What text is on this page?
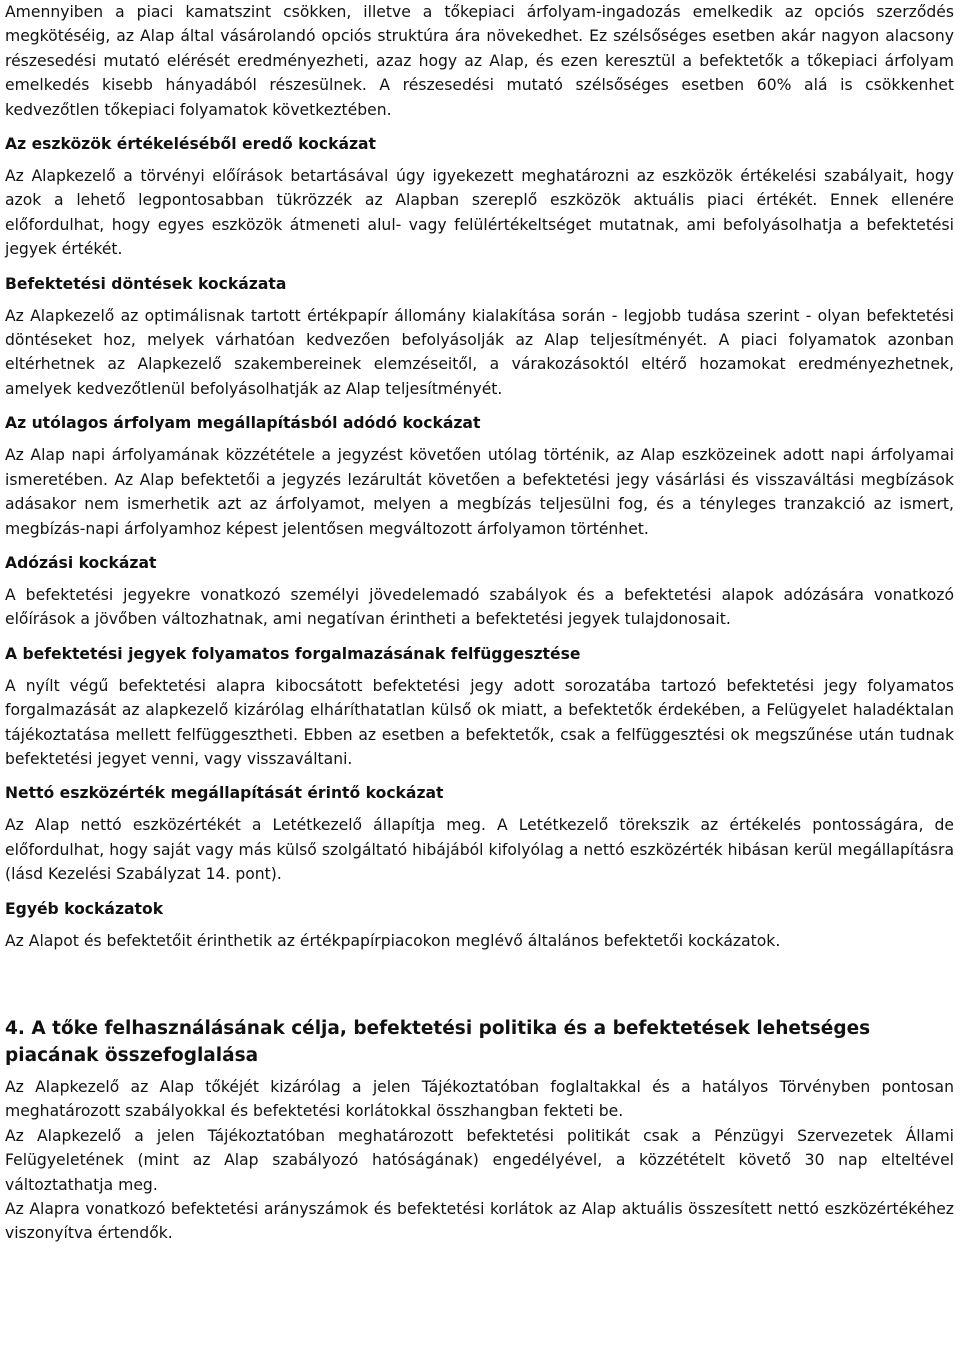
Amennyiben a piaci kamatszint csökken, illetve a tőkepiaci árfolyam-ingadozás emelkedik az opciós szerződés megkötéséig, az Alap által vásárolandó opciós struktúra ára növekedhet. Ez szélsőséges esetben akár nagyon alacsony részesedési mutató elérését eredményezheti, azaz hogy az Alap, és ezen keresztül a befektetők a tőkepiaci árfolyam emelkedés kisebb hányadából részesülnek. A részesedési mutató szélsőséges esetben 60% alá is csökkenhet kedvezőtlen tőkepiaci folyamatok következtében.

Az eszközök értékeléséből eredő kockázat

Az Alapkezelő a törvényi előírások betartásával úgy igyekezett meghatározni az eszközök értékelési szabályait, hogy azok a lehető legpontosabban tükrözzék az Alapban szereplő eszközök aktuális piaci értékét. Ennek ellenére előfordulhat, hogy egyes eszközök átmeneti alul- vagy felülértékeltséget mutatnak, ami befolyásolhatja a befektetési jegyek értékét.

Befektetési döntések kockázata

Az Alapkezelő az optimálisnak tartott értékpapír állomány kialakítása során - legjobb tudása szerint - olyan befektetési döntéseket hoz, melyek várhatóan kedvezően befolyásolják az Alap teljesítményét. A piaci folyamatok azonban eltérhetnek az Alapkezelő szakembereinek elemzéseitől, a várakozásoktól eltérő hozamokat eredményezhetnek, amelyek kedvezőtlenül befolyásolhatják az Alap teljesítményét.

Az utólagos árfolyam megállapításból adódó kockázat

Az Alap napi árfolyamának közzététele a jegyzést követően utólag történik, az Alap eszközeinek adott napi árfolyamai ismeretében. Az Alap befektetői a jegyzés lezárultát követően a befektetési jegy vásárlási és visszaváltási megbízások adásakor nem ismerhetik azt az árfolyamot, melyen a megbízás teljesülni fog, és a tényleges tranzakció az ismert, megbízás-napi árfolyamhoz képest jelentősen megváltozott árfolyamon történhet.

Adózási kockázat

A befektetési jegyekre vonatkozó személyi jövedelemadó szabályok és a befektetési alapok adózására vonatkozó előírások a jövőben változhatnak, ami negatívan érintheti a befektetési jegyek tulajdonosait.

A befektetési jegyek folyamatos forgalmazásának felfüggesztése

A nyílt végű befektetési alapra kibocsátott befektetési jegy adott sorozatába tartozó befektetési jegy folyamatos forgalmazását az alapkezelő kizárólag elháríthatatlan külső ok miatt, a befektetők érdekében, a Felügyelet haladéktalan tájékoztatása mellett felfüggesztheti. Ebben az esetben a befektetők, csak a felfüggesztési ok megszűnése után tudnak befektetési jegyet venni, vagy visszaváltani.

Nettó eszközérték megállapítását érintő kockázat

Az Alap nettó eszközértékét a Letétkezelő állapítja meg. A Letétkezelő törekszik az értékelés pontosságára, de előfordulhat, hogy saját vagy más külső szolgáltató hibájából kifolyólag a nettó eszközérték hibásan kerül megállapításra (lásd Kezelési Szabályzat 14. pont).

Egyéb kockázatok

Az Alapot és befektetőit érinthetik az értékpapírpiacokon meglévő általános befektetői kockázatok.

4. A tőke felhasználásának célja, befektetési politika és a befektetések lehetséges piacának összefoglalása

Az Alapkezelő az Alap tőkéjét kizárólag a jelen Tájékoztatóban foglaltakkal és a hatályos Törvényben pontosan meghatározott szabályokkal és befektetési korlátokkal összhangban fekteti be.

Az Alapkezelő a jelen Tájékoztatóban meghatározott befektetési politikát csak a Pénzügyi Szervezetek Állami Felügyeletének (mint az Alap szabályozó hatóságának) engedélyével, a közzétételt követő 30 nap elteltével változtathatja meg.

Az Alapra vonatkozó befektetési arányszámok és befektetési korlátok az Alap aktuális összesített nettó eszközértékéhez viszonyítva értendők.
